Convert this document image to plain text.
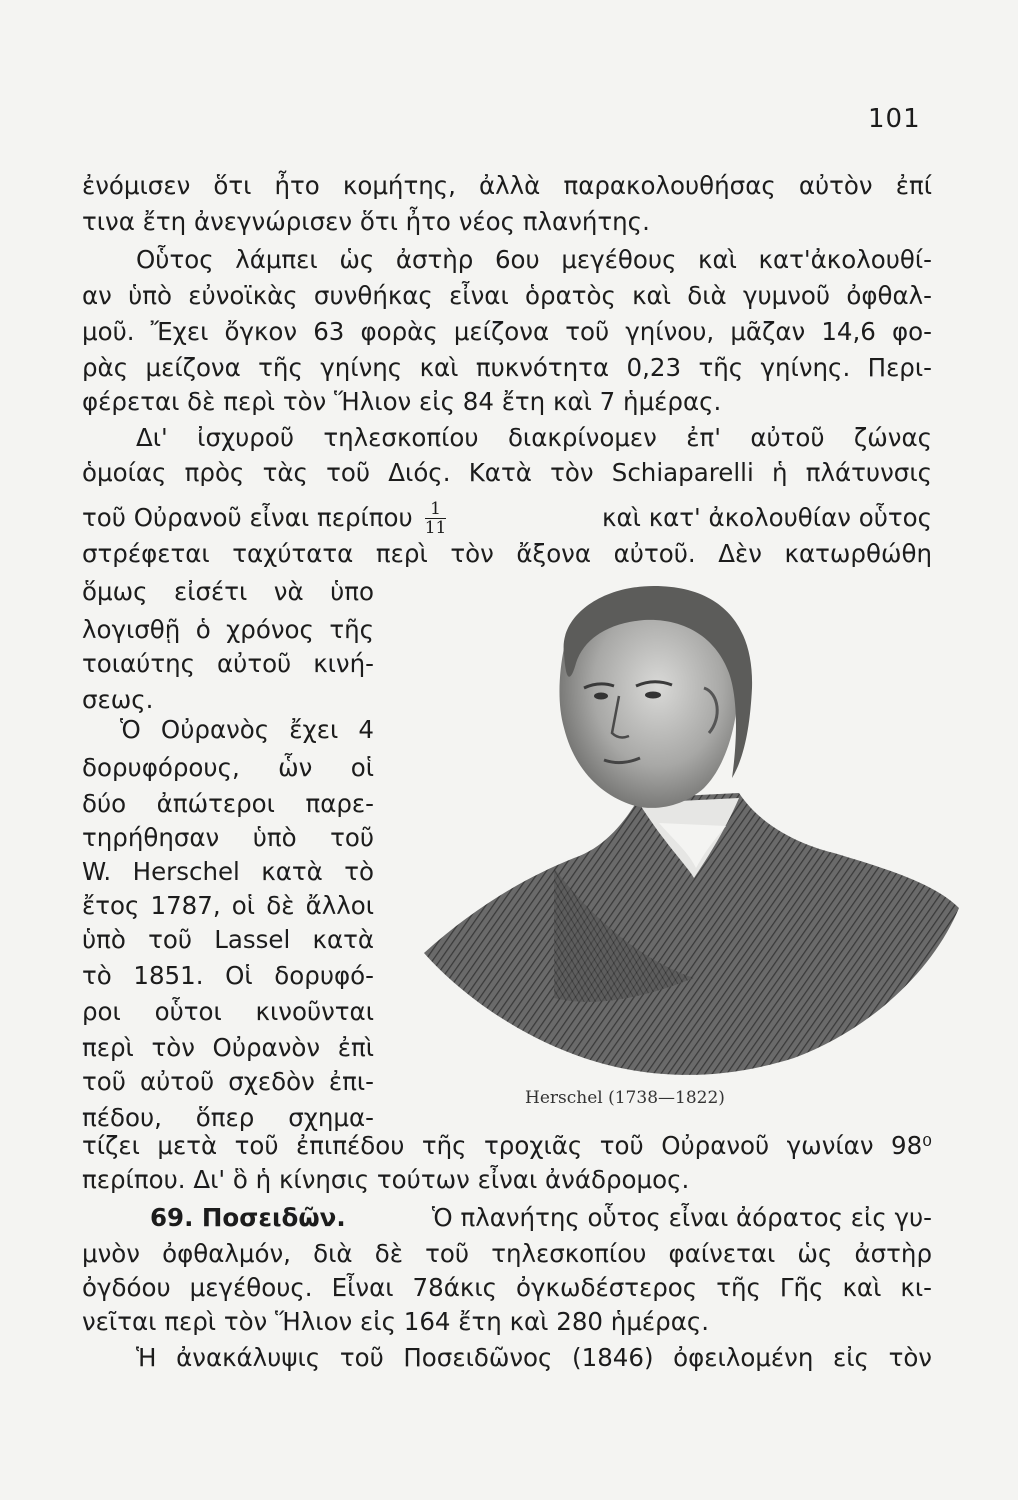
101
ἐνόμισεν ὅτι ἦτο κομήτης, ἀλλὰ παρακολουθήσας αὐτὸν ἐπί
τινα ἔτη ἀνεγνώρισεν ὅτι ἦτο νέος πλανήτης.
Οὗτος λάμπει ὡς ἀστὴρ 6ου μεγέθους καὶ κατ'ἀκολουθί-
αν ὑπὸ εὐνοϊκὰς συνθήκας εἶναι ὁρατὸς καὶ διὰ γυμνοῦ ὀφθαλ-
μοῦ. Ἔχει ὄγκον 63 φορὰς μείζονα τοῦ γηίνου, μᾶζαν 14,6 φο-
ρὰς μείζονα τῆς γηίνης καὶ πυκνότητα 0,23 τῆς γηίνης. Περι-
φέρεται δὲ περὶ τὸν Ἥλιον εἰς 84 ἔτη καὶ 7 ἡμέρας.
Δι' ἰσχυροῦ τηλεσκοπίου διακρίνομεν ἐπ' αὐτοῦ ζώνας
ὁμοίας πρὸς τὰς τοῦ Διός. Κατὰ τὸν Schiaparelli ἡ πλάτυνσις
τοῦ Οὐρανοῦ εἶναι περίπου $\frac{1}{11}$	καὶ κατ' ἀκολουθίαν οὗτος
στρέφεται ταχύτατα περὶ τὸν ἄξονα αὐτοῦ. Δὲν κατωρθώθη
ὅμως εἰσέτι νὰ ὑπο
λογισθῇ ὁ χρόνος τῆς
τοιαύτης αὐτοῦ κινή-
σεως.
Ὁ Οὐρανὸς ἔχει 4
δορυφόρους, ὧν οἱ
δύο ἀπώτεροι παρε-
τηρήθησαν ὑπὸ τοῦ
W. Herschel κατὰ τὸ
ἔτος 1787, οἱ δὲ ἄλλοι
ὑπὸ τοῦ Lassel κατὰ
τὸ 1851. Οἱ δορυφό-
ροι οὗτοι κινοῦνται
περὶ τὸν Οὐρανὸν ἐπὶ
τοῦ αὐτοῦ σχεδὸν ἐπι-
πέδου, ὅπερ σχημα-
Herschel (1738—1822)
τίζει μετὰ τοῦ ἐπιπέδου τῆς τροχιᾶς τοῦ Οὐρανοῦ γωνίαν 98⁰
περίπου. Δι' ὃ ἡ κίνησις τούτων εἶναι ἀνάδρομος.
69. Ποσειδῶν.	Ὁ πλανήτης οὗτος εἶναι ἀόρατος εἰς γυ-
μνὸν ὀφθαλμόν, διὰ δὲ τοῦ τηλεσκοπίου φαίνεται ὡς ἀστὴρ
ὀγδόου μεγέθους. Εἶναι 78άκις ὀγκωδέστερος τῆς Γῆς καὶ κι-
νεῖται περὶ τὸν Ἥλιον εἰς 164 ἔτη καὶ 280 ἡμέρας.
Ἡ ἀνακάλυψις τοῦ Ποσειδῶνος (1846) ὀφειλομένη εἰς τὸν
